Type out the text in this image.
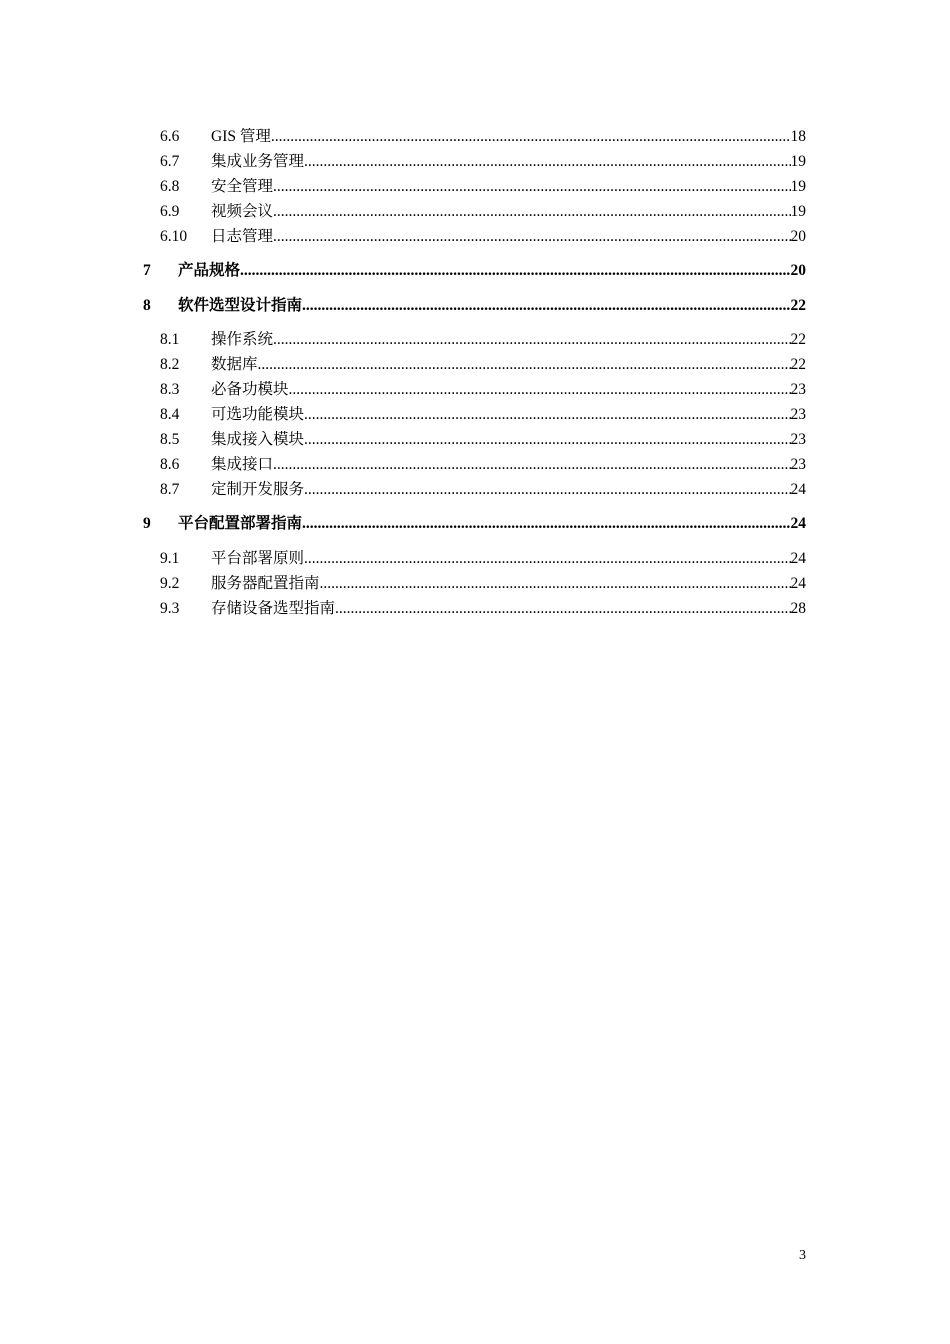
6.6	GIS 管理 .....	18
6.7	集成业务管理 .....	19
6.8	安全管理 .....	19
6.9	视频会议 .....	19
6.10	日志管理 .....	20
7	产品规格 .....	20
8	软件选型设计指南 .....	22
8.1	操作系统 .....	22
8.2	数据库 .....	22
8.3	必备功模块 .....	23
8.4	可选功能模块 .....	23
8.5	集成接入模块 .....	23
8.6	集成接口 .....	23
8.7	定制开发服务 .....	24
9	平台配置部署指南 .....	24
9.1	平台部署原则 .....	24
9.2	服务器配置指南 .....	24
9.3	存储设备选型指南 .....	28
3
